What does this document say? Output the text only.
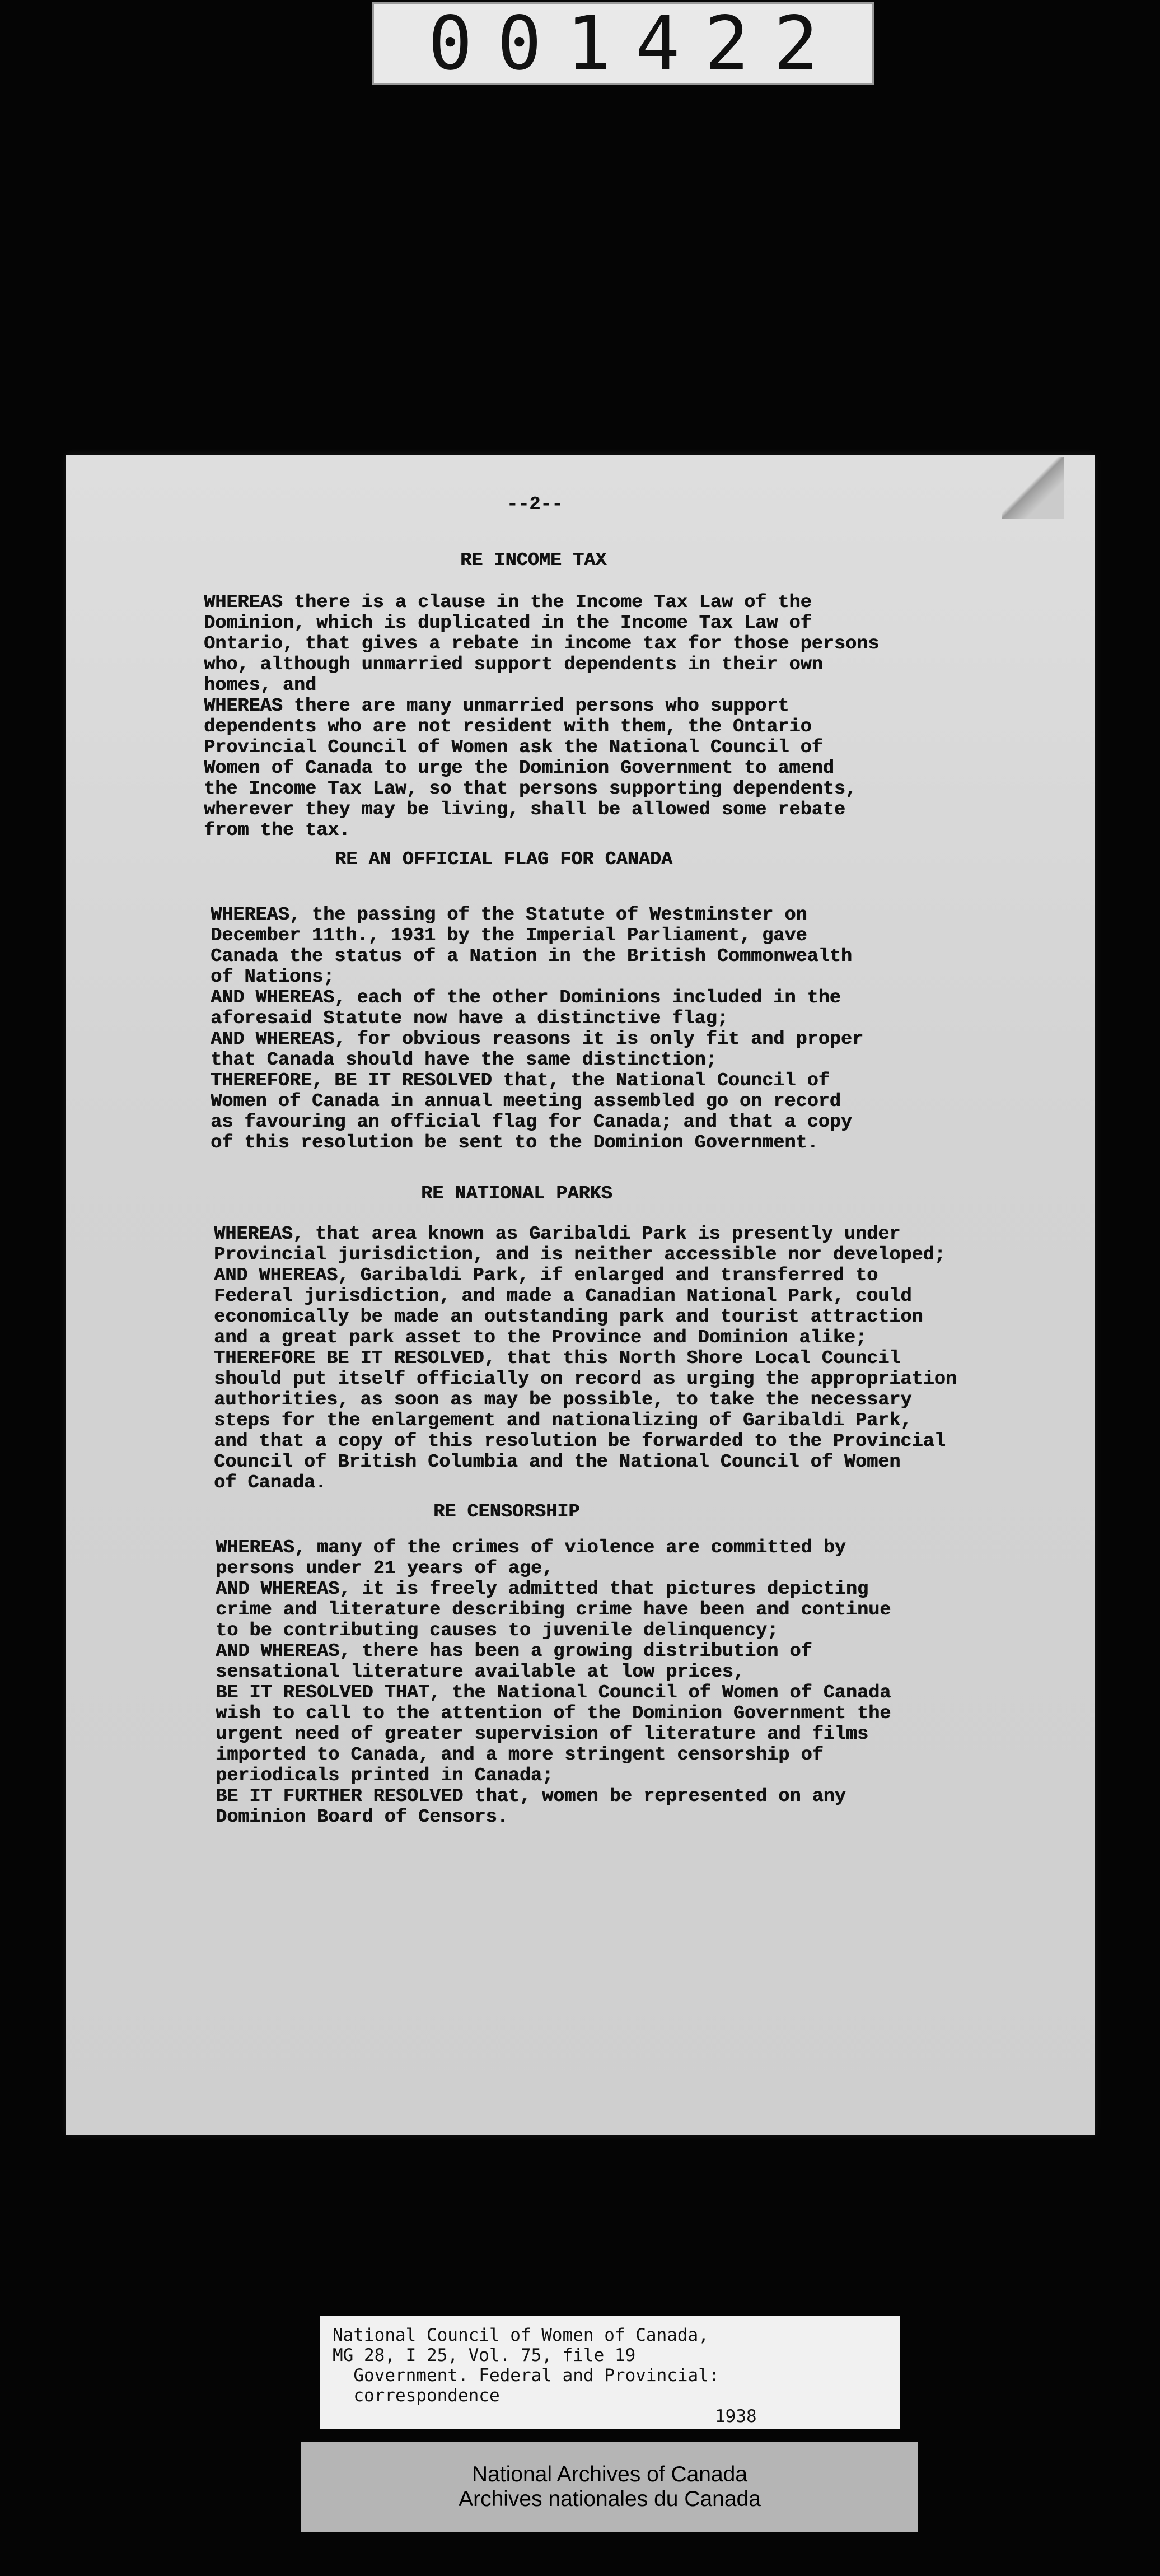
001422
--2--
RE INCOME TAX
WHEREAS there is a clause in the Income Tax Law of the
Dominion, which is duplicated in the Income Tax Law of
Ontario, that gives a rebate in income tax for those persons
who, although unmarried support dependents in their own
homes, and
WHEREAS there are many unmarried persons who support
dependents who are not resident with them, the Ontario
Provincial Council of Women ask the National Council of
Women of Canada to urge the Dominion Government to amend
the Income Tax Law, so that persons supporting dependents,
wherever they may be living, shall be allowed some rebate
from the tax.
RE AN OFFICIAL FLAG FOR CANADA
WHEREAS, the passing of the Statute of Westminster on
December 11th., 1931 by the Imperial Parliament, gave
Canada the status of a Nation in the British Commonwealth
of Nations;
AND WHEREAS, each of the other Dominions included in the
aforesaid Statute now have a distinctive flag;
AND WHEREAS, for obvious reasons it is only fit and proper
that Canada should have the same distinction;
THEREFORE, BE IT RESOLVED that, the National Council of
Women of Canada in annual meeting assembled go on record
as favouring an official flag for Canada; and that a copy
of this resolution be sent to the Dominion Government.
RE NATIONAL PARKS
WHEREAS, that area known as Garibaldi Park is presently under
Provincial jurisdiction, and is neither accessible nor developed;
AND WHEREAS, Garibaldi Park, if enlarged and transferred to
Federal jurisdiction, and made a Canadian National Park, could
economically be made an outstanding park and tourist attraction
and a great park asset to the Province and Dominion alike;
THEREFORE BE IT RESOLVED, that this North Shore Local Council
should put itself officially on record as urging the appropriation
authorities, as soon as may be possible, to take the necessary
steps for the enlargement and nationalizing of Garibaldi Park,
and that a copy of this resolution be forwarded to the Provincial
Council of British Columbia and the National Council of Women
of Canada.
RE CENSORSHIP
WHEREAS, many of the crimes of violence are committed by
persons under 21 years of age,
AND WHEREAS, it is freely admitted that pictures depicting
crime and literature describing crime have been and continue
to be contributing causes to juvenile delinquency;
AND WHEREAS, there has been a growing distribution of
sensational literature available at low prices,
BE IT RESOLVED THAT, the National Council of Women of Canada
wish to call to the attention of the Dominion Government the
urgent need of greater supervision of literature and films
imported to Canada, and a more stringent censorship of
periodicals printed in Canada;
BE IT FURTHER RESOLVED that, women be represented on any
Dominion Board of Censors.
National Council of Women of Canada,
MG 28, I 25, Vol. 75, file 19
Government. Federal and Provincial:
correspondence
1938
National Archives of Canada
Archives nationales du Canada
